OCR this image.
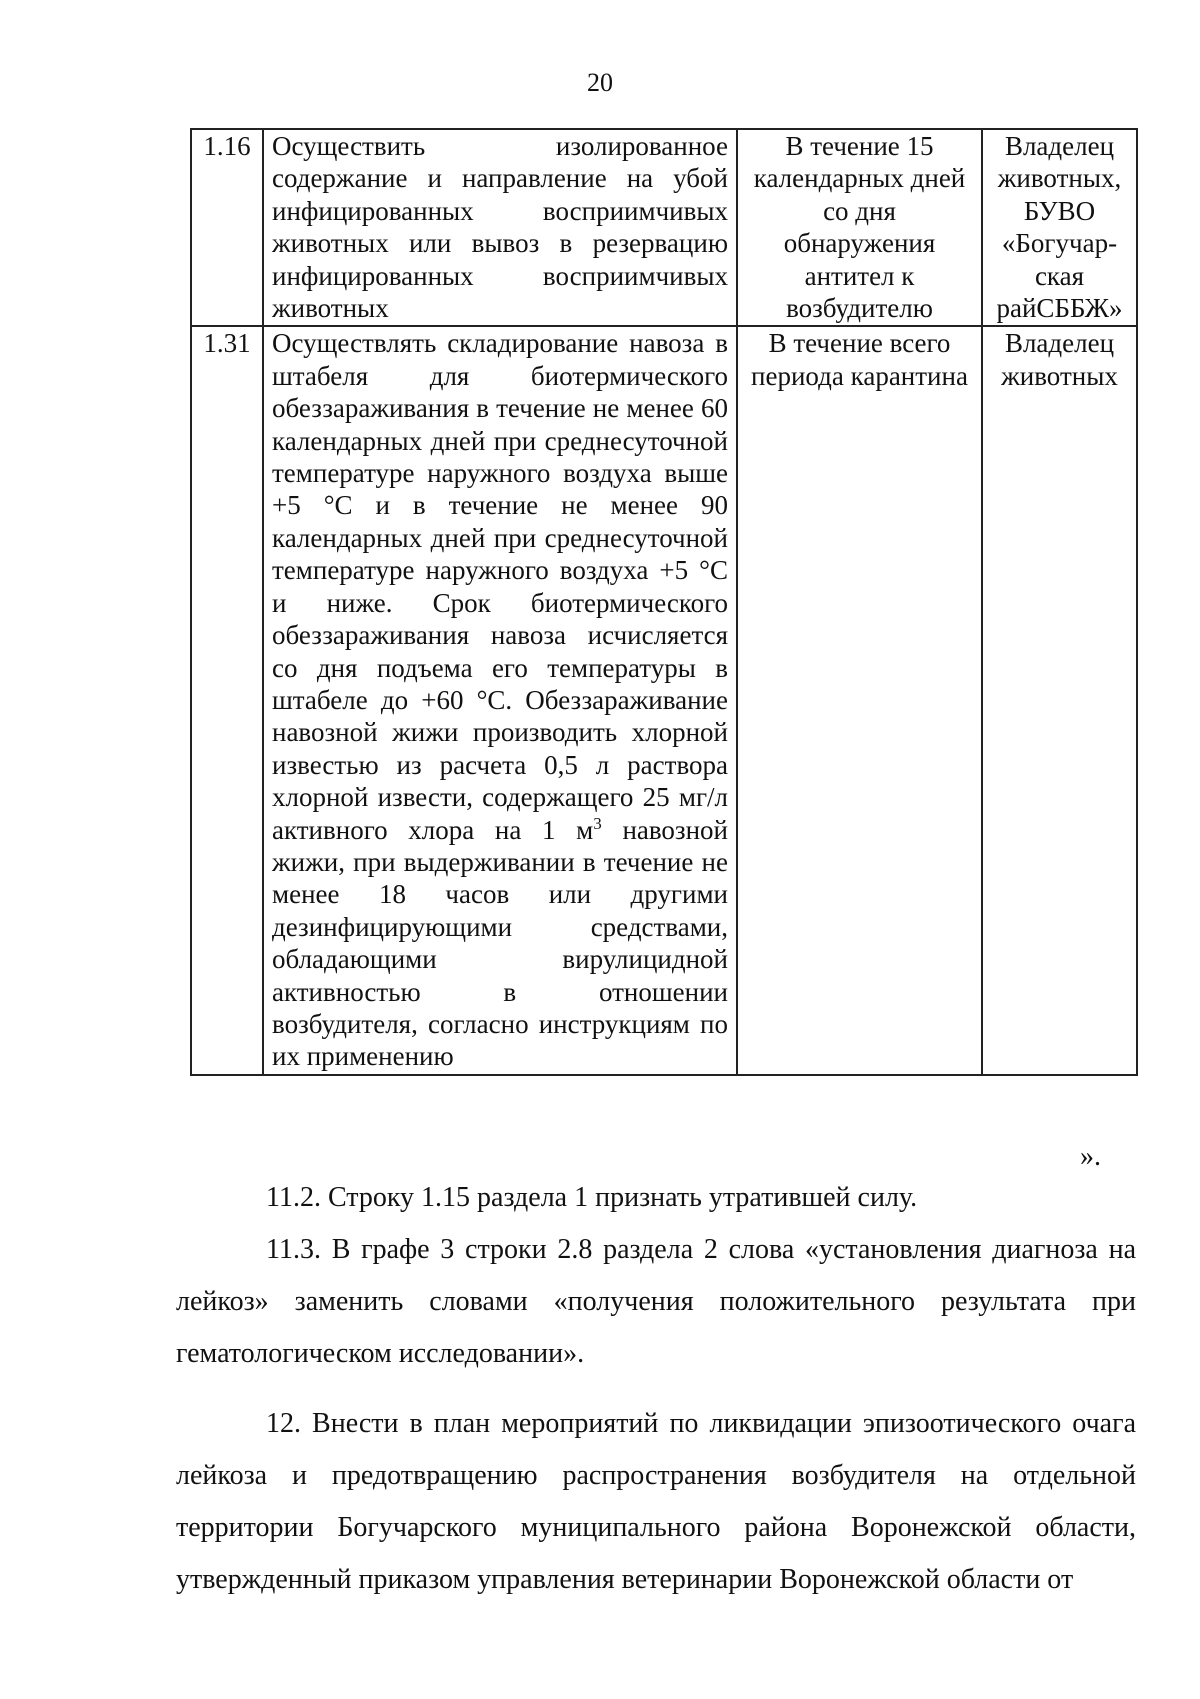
20
1.16	Осуществить изолированное содержание и направление на убой инфицированных восприимчивых животных или вывоз в резервацию инфицированных восприимчивых животных	В течение 15 календарных дней со дня обнаружения антител к возбудителю	Владелец животных, БУВО «Богучар-ская райСББЖ»
1.31	Осуществлять складирование навоза в штабеля для биотермического обеззараживания в течение не менее 60 календарных дней при среднесуточной температуре наружного воздуха выше +5 °С и в течение не менее 90 календарных дней при среднесуточной температуре наружного воздуха +5 °С и ниже. Срок биотермического обеззараживания навоза исчисляется со дня подъема его температуры в штабеле до +60 °С. Обеззараживание навозной жижи производить хлорной известью из расчета 0,5 л раствора хлорной извести, содержащего 25 мг/л активного хлора на 1 $м^3$ навозной жижи, при выдерживании в течение не менее 18 часов или другими дезинфицирующими средствами, обладающими вирулицидной активностью в отношении возбудителя, согласно инструкциям по их применению	В течение всего периода карантина	Владелец животных
».

11.2. Строку 1.15 раздела 1 признать утратившей силу.

11.3. В графе 3 строки 2.8 раздела 2 слова «установления диагноза на лейкоз» заменить словами «получения положительного результата при гематологическом исследовании».

12. Внести в план мероприятий по ликвидации эпизоотического очага лейкоза и предотвращению распространения возбудителя на отдельной территории Богучарского муниципального района Воронежской области, утвержденный приказом управления ветеринарии Воронежской области от
